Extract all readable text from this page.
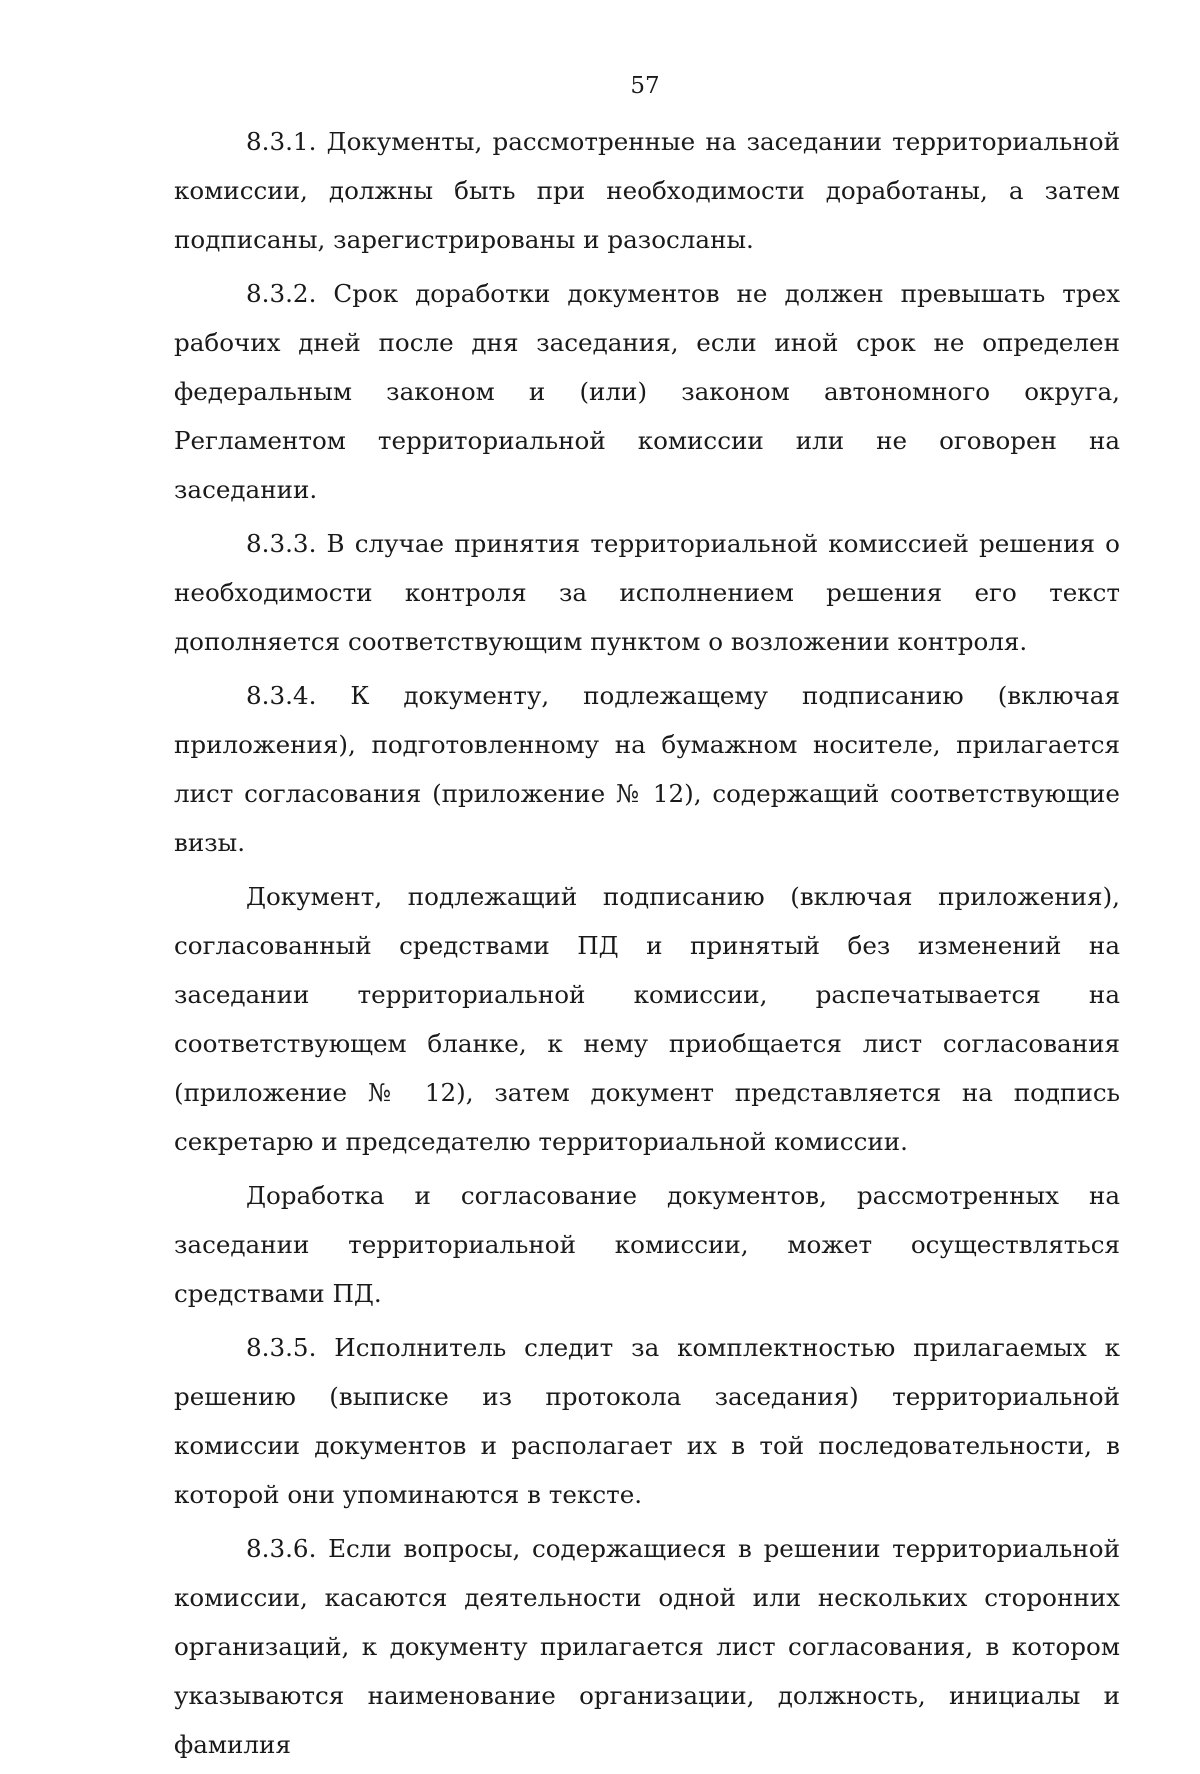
57

8.3.1. Документы, рассмотренные на заседании территориальной комиссии, должны быть при необходимости доработаны, а затем подписаны, зарегистрированы и разосланы.

8.3.2. Срок доработки документов не должен превышать трех рабочих дней после дня заседания, если иной срок не определен федеральным законом и (или) законом автономного округа, Регламентом территориальной комиссии или не оговорен на заседании.

8.3.3. В случае принятия территориальной комиссией решения о необходимости контроля за исполнением решения его текст дополняется соответствующим пунктом о возложении контроля.

8.3.4. К документу, подлежащему подписанию (включая приложения), подготовленному на бумажном носителе, прилагается лист согласования (приложение № 12), содержащий соответствующие визы.

Документ, подлежащий подписанию (включая приложения), согласованный средствами ПД и принятый без изменений на заседании территориальной комиссии, распечатывается на соответствующем бланке, к нему приобщается лист согласования (приложение № 12), затем документ представляется на подпись секретарю и председателю территориальной комиссии.

Доработка и согласование документов, рассмотренных на заседании территориальной комиссии, может осуществляться средствами ПД.

8.3.5. Исполнитель следит за комплектностью прилагаемых к решению (выписке из протокола заседания) территориальной комиссии документов и располагает их в той последовательности, в которой они упоминаются в тексте.

8.3.6. Если вопросы, содержащиеся в решении территориальной комиссии, касаются деятельности одной или нескольких сторонних организаций, к документу прилагается лист согласования, в котором указываются наименование организации, должность, инициалы и фамилия
